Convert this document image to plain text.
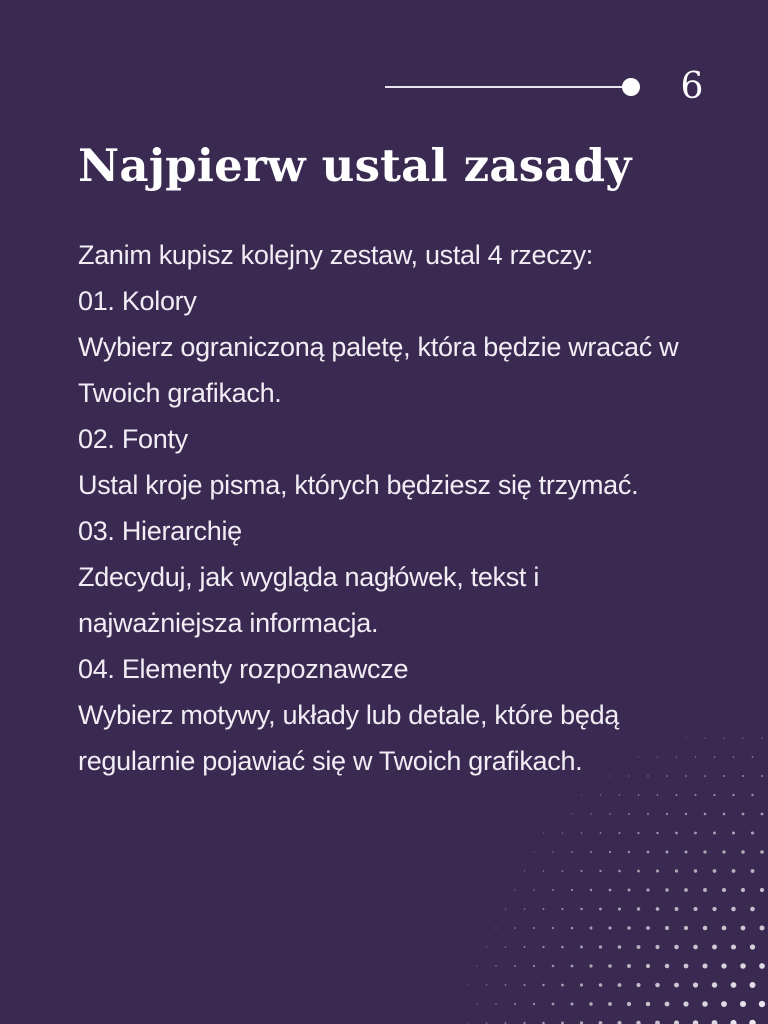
6
Najpierw ustal zasady

Zanim kupisz kolejny zestaw, ustal 4 rzeczy:

01. Kolory

Wybierz ograniczoną paletę, która będzie wracać w Twoich grafikach.

02. Fonty

Ustal kroje pisma, których będziesz się trzymać.

03. Hierarchię

Zdecyduj, jak wygląda nagłówek, tekst i najważniejsza informacja.

04. Elementy rozpoznawcze

Wybierz motywy, układy lub detale, które będą regularnie pojawiać się w Twoich grafikach.
